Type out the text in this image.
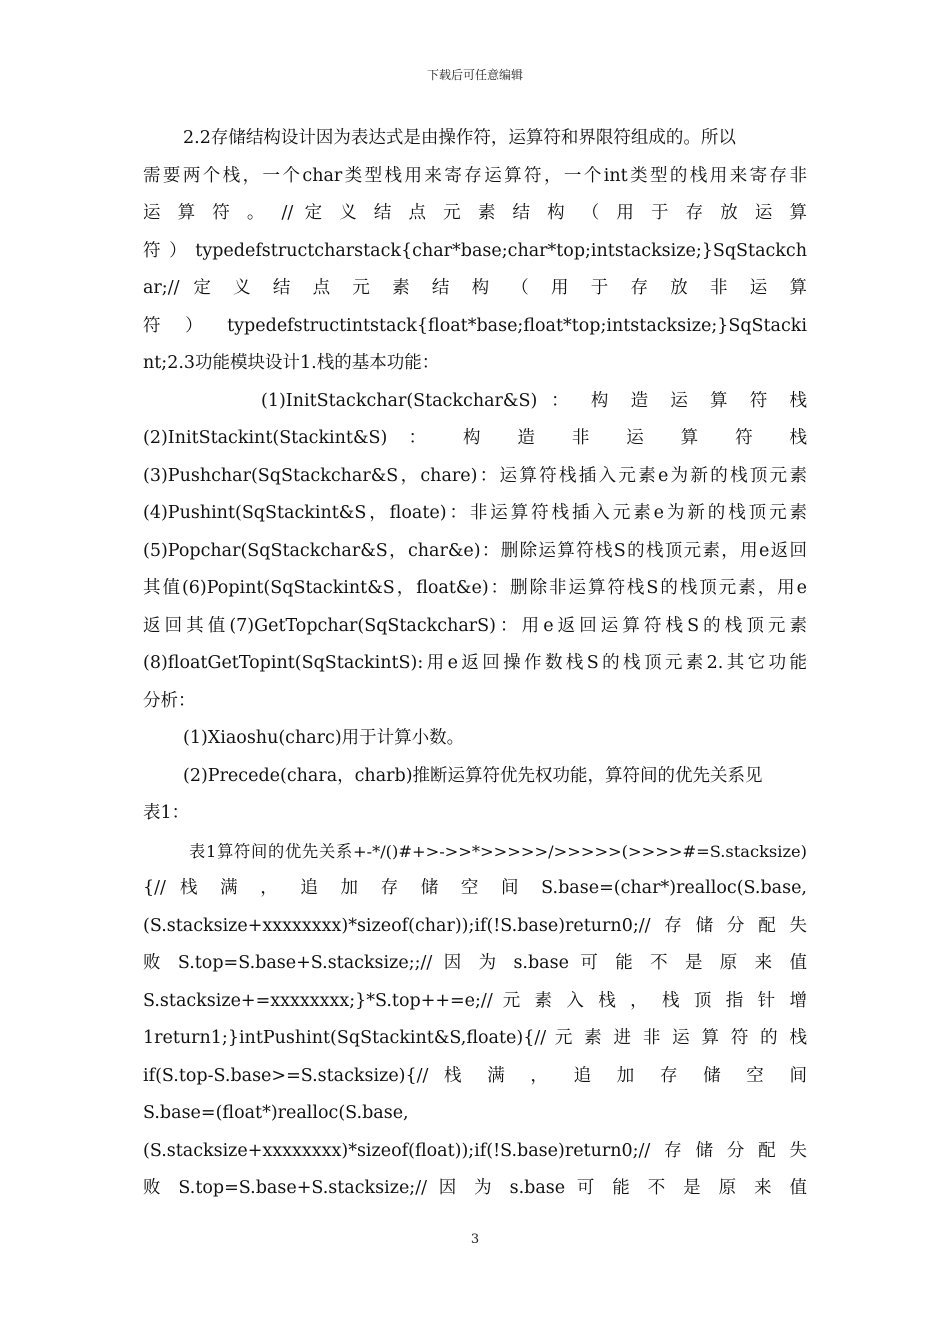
下载后可任意编辑
2.2存储结构设计因为表达式是由操作符，运算符和界限符组成的。所以
需要两个栈，一个char类型栈用来寄存运算符，一个int类型的栈用来寄存非
运 算 符 。 // 定 义 结 点 元 素 结 构 （ 用 于 存 放 运 算
符）typedefstructcharstack{char*base;char*top;intstacksize;}SqStackch
ar;// 定 义 结 点 元 素 结 构 （ 用 于 存 放 非 运 算
符）typedefstructintstack{float*base;float*top;intstacksize;}SqStacki
nt;2.3功能模块设计1.栈的基本功能：
(1)InitStackchar(Stackchar&S) ： 构 造 运 算 符 栈
(2)InitStackint(Stackint&S) ： 构 造 非 运 算 符 栈
(3)Pushchar(SqStackchar&S，chare)：运算符栈插入元素e为新的栈顶元素
(4)Pushint(SqStackint&S，floate)：非运算符栈插入元素e为新的栈顶元素
(5)Popchar(SqStackchar&S，char&e)：删除运算符栈S的栈顶元素，用e返回
其值(6)Popint(SqStackint&S，float&e)：删除非运算符栈S的栈顶元素，用e
返回其值(7)GetTopchar(SqStackcharS)：用e返回运算符栈S的栈顶元素
(8)floatGetTopint(SqStackintS):用e返回操作数栈S的栈顶元素2.其它功能
分析：
(1)Xiaoshu(charc)用于计算小数。
(2)Precede(chara，charb)推断运算符优先权功能，算符间的优先关系见
表1：
表1算符间的优先关系+-*/()#+>->>*>>>>>/>>>>>(>>>>#=S.stacksize)
{// 栈 满 ， 追 加 存 储 空 间 S.base=(char*)realloc(S.base,
(S.stacksize+xxxxxxxx)*sizeof(char));if(!S.base)return0;//存储分配失
败 S.top=S.base+S.stacksize;;// 因 为 s.base 可 能 不 是 原 来 值
S.stacksize+=xxxxxxxx;}*S.top++=e;// 元 素 入 栈 ， 栈 顶 指 针 增
1return1;}intPushint(SqStackint&S,floate){// 元 素 进 非 运 算 符 的 栈
if(S.top-S.base>=S.stacksize){// 栈 满 ， 追 加 存 储 空 间
S.base=(float*)realloc(S.base,
(S.stacksize+xxxxxxxx)*sizeof(float));if(!S.base)return0;//存储分配失
败 S.top=S.base+S.stacksize;// 因 为 s.base 可 能 不 是 原 来 值
3
